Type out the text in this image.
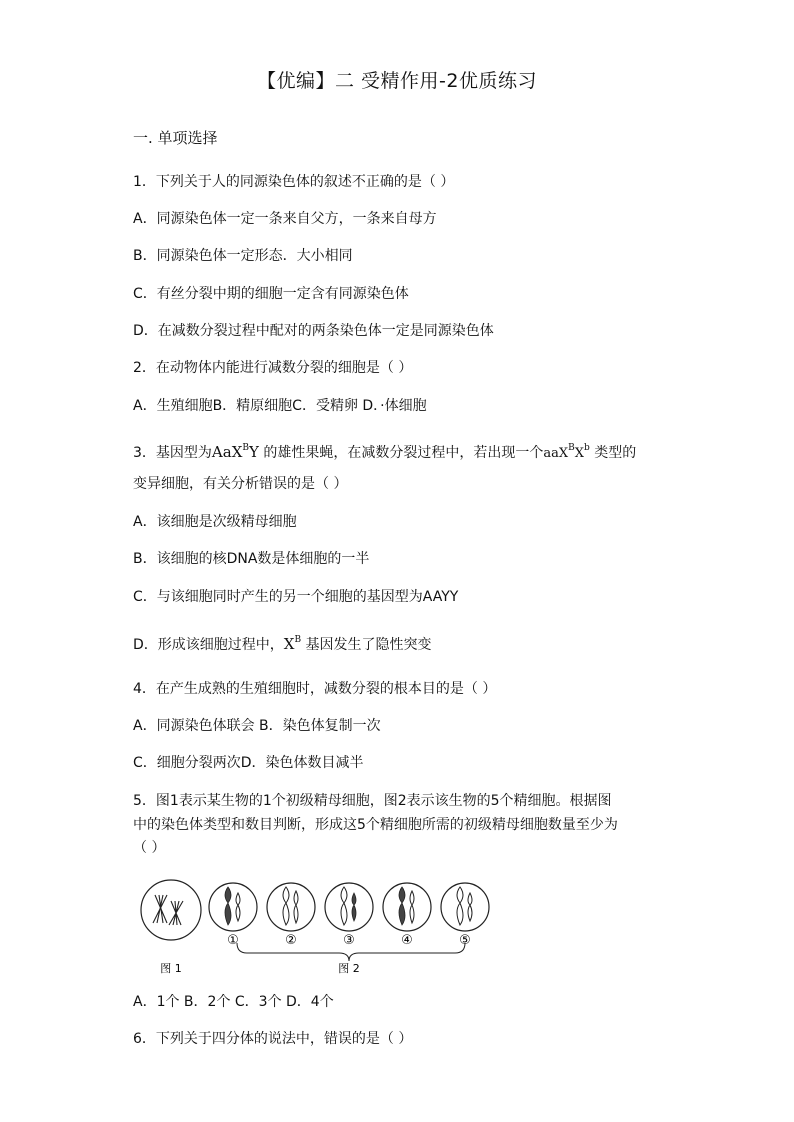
【优编】二 受精作用-2优质练习
一. 单项选择
1．下列关于人的同源染色体的叙述不正确的是（ ）
A．同源染色体一定一条来自父方，一条来自母方
B．同源染色体一定形态．大小相同
C．有丝分裂中期的细胞一定含有同源染色体
D．在减数分裂过程中配对的两条染色体一定是同源染色体
2．在动物体内能进行减数分裂的细胞是（ ）
A．生殖细胞B．精原细胞C．受精卵 D．·体细胞
3．基因型为AaX$^B$Y 的雄性果蝇，在减数分裂过程中，若出现一个$aaX^BX^b$ 类型的
变异细胞，有关分析错误的是（ ）
A．该细胞是次级精母细胞
B．该细胞的核DNA数是体细胞的一半
C．与该细胞同时产生的另一个细胞的基因型为AAYY
D．形成该细胞过程中，$X^B$ 基因发生了隐性突变
4．在产生成熟的生殖细胞时，减数分裂的根本目的是（ ）
A．同源染色体联会 B．染色体复制一次
C．细胞分裂两次D．染色体数目减半
5．图1表示某生物的1个初级精母细胞，图2表示该生物的5个精细胞。根据图
中的染色体类型和数目判断，形成这5个精细胞所需的初级精母细胞数量至少为
（ ）
①	②	③	④	⑤
图 1	图 2
A．1个 B．2个 C．3个 D．4个
6．下列关于四分体的说法中，错误的是（ ）
